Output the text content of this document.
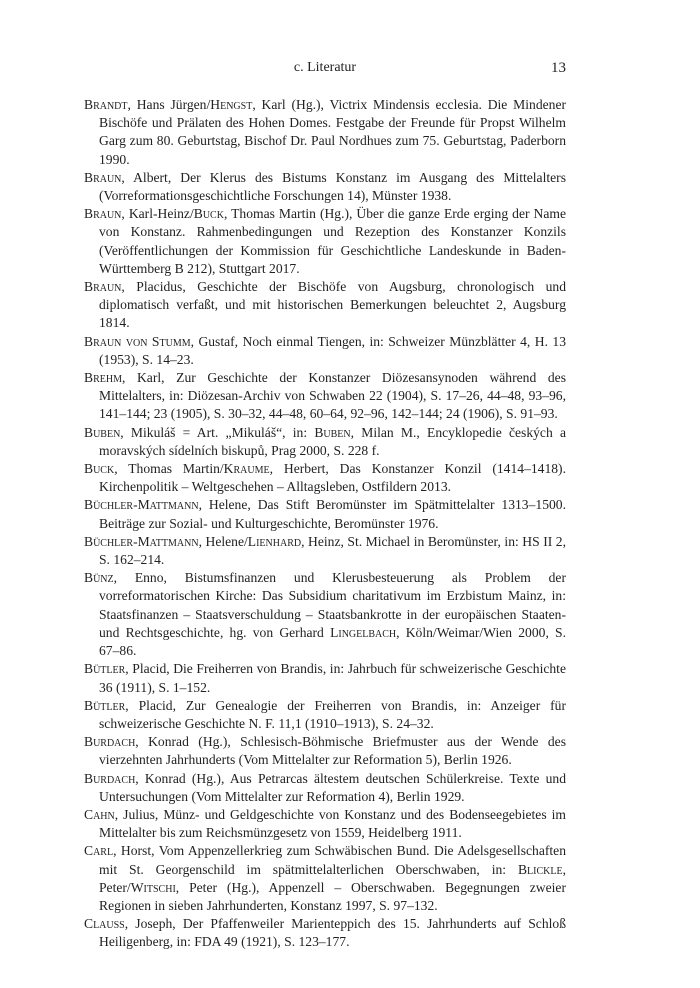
c. Literatur	13

Brandt, Hans Jürgen/Hengst, Karl (Hg.), Victrix Mindensis ecclesia. Die Mindener Bischöfe und Prälaten des Hohen Domes. Festgabe der Freunde für Propst Wilhelm Garg zum 80. Geburtstag, Bischof Dr. Paul Nordhues zum 75. Geburtstag, Paderborn 1990.

Braun, Albert, Der Klerus des Bistums Konstanz im Ausgang des Mittelalters (Vorreformationsgeschichtliche Forschungen 14), Münster 1938.

Braun, Karl-Heinz/Buck, Thomas Martin (Hg.), Über die ganze Erde erging der Name von Konstanz. Rahmenbedingungen und Rezeption des Konstanzer Konzils (Veröffentlichungen der Kommission für Geschichtliche Landeskunde in Baden-Württemberg B 212), Stuttgart 2017.

Braun, Placidus, Geschichte der Bischöfe von Augsburg, chronologisch und diplomatisch verfaßt, und mit historischen Bemerkungen beleuchtet 2, Augsburg 1814.

Braun von Stumm, Gustaf, Noch einmal Tiengen, in: Schweizer Münzblätter 4, H. 13 (1953), S. 14–23.

Brehm, Karl, Zur Geschichte der Konstanzer Diözesansynoden während des Mittelalters, in: Diözesan-Archiv von Schwaben 22 (1904), S. 17–26, 44–48, 93–96, 141–144; 23 (1905), S. 30–32, 44–48, 60–64, 92–96, 142–144; 24 (1906), S. 91–93.

Buben, Mikuláš = Art. „Mikuláš“, in: Buben, Milan M., Encyklopedie českých a moravských sídelních biskupů, Prag 2000, S. 228 f.

Buck, Thomas Martin/Kraume, Herbert, Das Konstanzer Konzil (1414–1418). Kirchenpolitik – Weltgeschehen – Alltagsleben, Ostfildern 2013.

Büchler-Mattmann, Helene, Das Stift Beromünster im Spätmittelalter 1313–1500. Beiträge zur Sozial- und Kulturgeschichte, Beromünster 1976.

Büchler-Mattmann, Helene/Lienhard, Heinz, St. Michael in Beromünster, in: HS II 2, S. 162–214.

Bünz, Enno, Bistumsfinanzen und Klerusbesteuerung als Problem der vorreformatorischen Kirche: Das Subsidium charitativum im Erzbistum Mainz, in: Staatsfinanzen – Staatsverschuldung – Staatsbankrotte in der europäischen Staaten- und Rechtsgeschichte, hg. von Gerhard Lingelbach, Köln/Weimar/Wien 2000, S. 67–86.

Bütler, Placid, Die Freiherren von Brandis, in: Jahrbuch für schweizerische Geschichte 36 (1911), S. 1–152.

Bütler, Placid, Zur Genealogie der Freiherren von Brandis, in: Anzeiger für schweizerische Geschichte N. F. 11,1 (1910–1913), S. 24–32.

Burdach, Konrad (Hg.), Schlesisch-Böhmische Briefmuster aus der Wende des vierzehnten Jahrhunderts (Vom Mittelalter zur Reformation 5), Berlin 1926.

Burdach, Konrad (Hg.), Aus Petrarcas ältestem deutschen Schülerkreise. Texte und Untersuchungen (Vom Mittelalter zur Reformation 4), Berlin 1929.

Cahn, Julius, Münz- und Geldgeschichte von Konstanz und des Bodenseegebietes im Mittelalter bis zum Reichsmünzgesetz von 1559, Heidelberg 1911.

Carl, Horst, Vom Appenzellerkrieg zum Schwäbischen Bund. Die Adelsgesellschaften mit St. Georgenschild im spätmittelalterlichen Oberschwaben, in: Blickle, Peter/Witschi, Peter (Hg.), Appenzell – Oberschwaben. Begegnungen zweier Regionen in sieben Jahrhunderten, Konstanz 1997, S. 97–132.

Clauss, Joseph, Der Pfaffenweiler Marienteppich des 15. Jahrhunderts auf Schloß Heiligenberg, in: FDA 49 (1921), S. 123–177.
